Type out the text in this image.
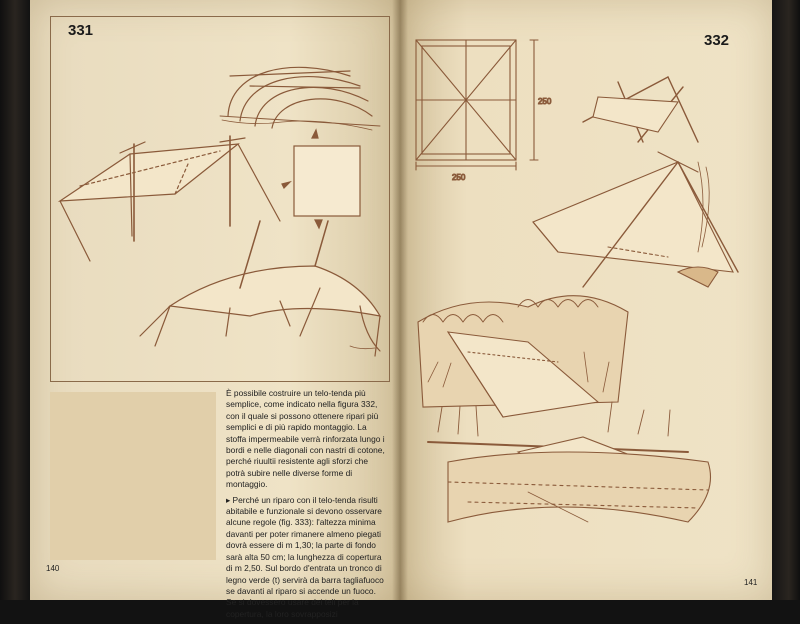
331

È possibile costruire un telo-tenda più semplice, come indicato nella figura 332, con il quale si possono ottenere ripari più semplici e di più rapido montaggio. La stoffa impermeabile verrà rinforzata lungo i bordi e nelle diagonali con nastri di cotone, perché riuultii resistente agli sforzi che potrà subire nelle diverse forme di montaggio.

▸ Perché un riparo con il telo-tenda risulti abitabile e funzionale si devono osservare alcune regole (fig. 333): l'altezza minima davanti per poter rimanere almeno piegati dovrà essere di m 1,30; la parte di fondo sarà alta 50 cm; la lunghezza di copertura di m 2,50. Sul bordo d'entrata un tronco di legno verde (t) servirà da barra tagliafuoco se davanti al riparo si accende un fuoco. Se si dovessero usare dei teli per la copertura, la loro sovrapposizi

140
332
250
250
141
